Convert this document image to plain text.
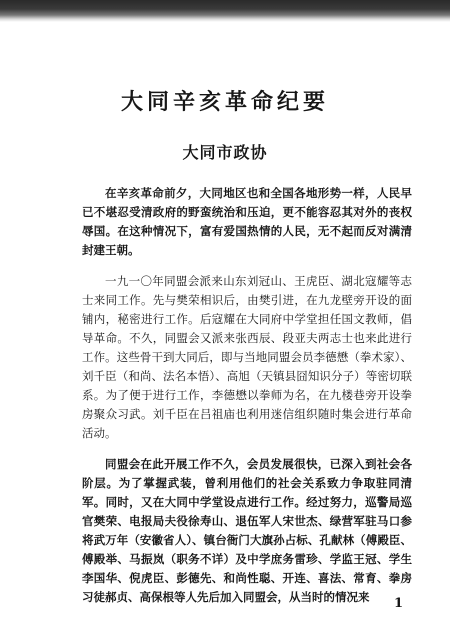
大同辛亥革命纪要
大同市政协

在辛亥革命前夕，大同地区也和全国各地形势一样，人民早已不堪忍受清政府的野蛮统治和压迫，更不能容忍其对外的丧权辱国。在这种情况下，富有爱国热情的人民，无不起而反对满清封建王朝。

一九一〇年同盟会派来山东刘冠山、王虎臣、湖北寇耀等志士来同工作。先与樊荣相识后，由樊引进，在九龙壁旁开设的面铺内，秘密进行工作。后寇耀在大同府中学堂担任国文教师，倡导革命。不久，同盟会又派来张西辰、段亚夫两志士也来此进行工作。这些骨干到大同后，即与当地同盟会员李德懋（拳术家）、刘千臣（和尚、法名本悟）、高旭（天镇县囧知识分子）等密切联系。为了便于进行工作，李德懋以拳师为名，在九楼巷旁开设拳房聚众习武。刘千臣在吕祖庙也利用迷信组织随时集会进行革命活动。

同盟会在此开展工作不久，会员发展很快，已深入到社会各阶层。为了掌握武装，曾利用他们的社会关系致力争取驻同清军。同时，又在大同中学堂设点进行工作。经过努力，巡警局巡官樊荣、电报局夫役徐寿山、退伍军人宋世杰、绿营军驻马口参将武万年（安徽省人）、镇台衙门大旗孙占标、孔献林（傅殿臣、傅殿举、马振岚（职务不详）及中学庶务雷珍、学监王冠、学生李国华、倪虎臣、彭德先、和尚性聪、开连、喜法、常育、拳房习徒郝贞、高保根等人先后加入同盟会，从当时的情况来	1
